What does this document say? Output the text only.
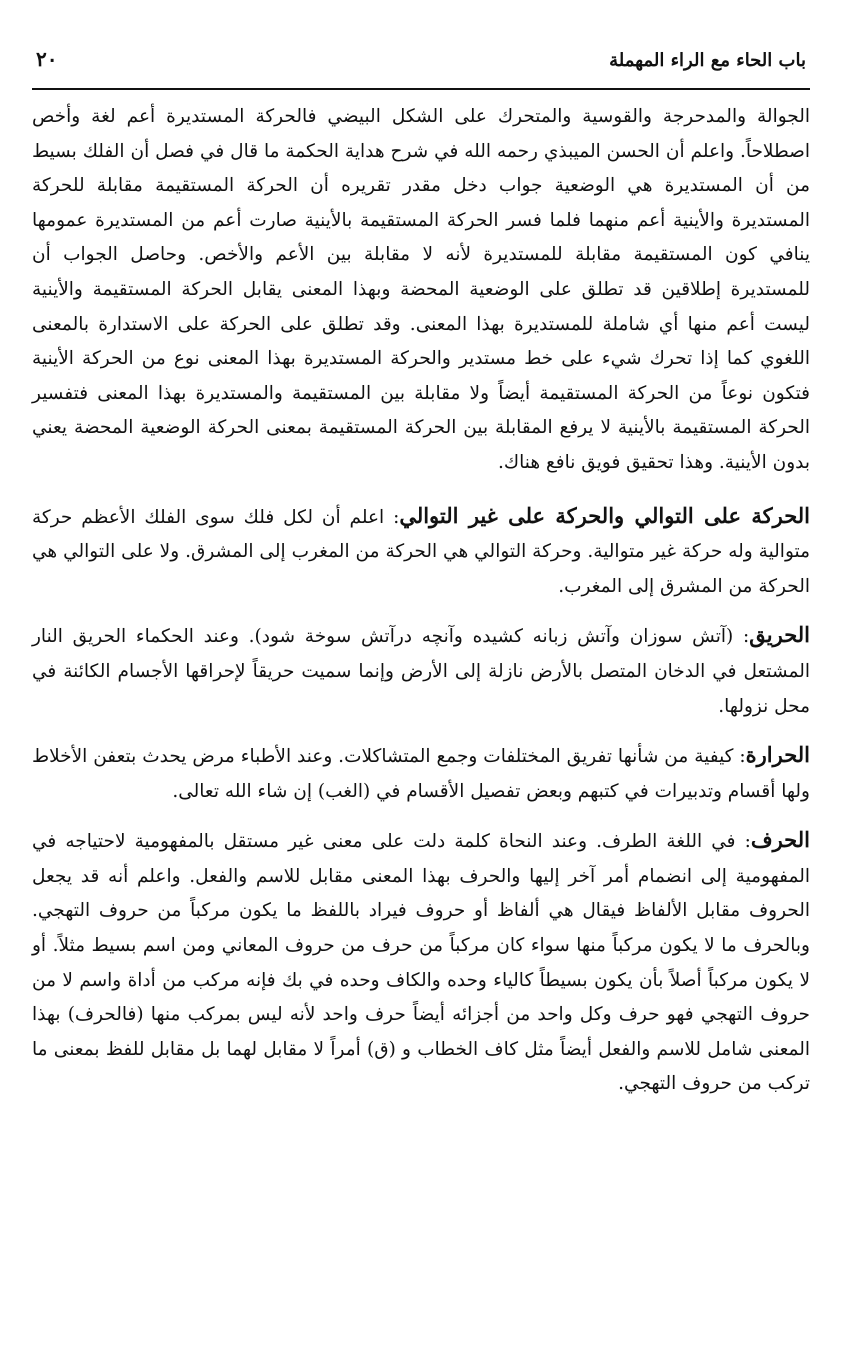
باب الحاء مع الراء المهملة
٢٠

الجوالة والمدحرجة والقوسية والمتحرك على الشكل البيضي فالحركة المستديرة أعم لغة وأخص اصطلاحاً. واعلم أن الحسن الميبذي رحمه الله في شرح هداية الحكمة ما قال في فصل أن الفلك بسيط من أن المستديرة هي الوضعية جواب دخل مقدر تقريره أن الحركة المستقيمة مقابلة للحركة المستديرة والأينية أعم منهما فلما فسر الحركة المستقيمة بالأينية صارت أعم من المستديرة عمومها ينافي كون المستقيمة مقابلة للمستديرة لأنه لا مقابلة بين الأعم والأخص. وحاصل الجواب أن للمستديرة إطلاقين قد تطلق على الوضعية المحضة وبهذا المعنى يقابل الحركة المستقيمة والأينية ليست أعم منها أي شاملة للمستديرة بهذا المعنى. وقد تطلق على الحركة على الاستدارة بالمعنى اللغوي كما إذا تحرك شيء على خط مستدير والحركة المستديرة بهذا المعنى نوع من الحركة الأينية فتكون نوعاً من الحركة المستقيمة أيضاً ولا مقابلة بين المستقيمة والمستديرة بهذا المعنى فتفسير الحركة المستقيمة بالأينية لا يرفع المقابلة بين الحركة المستقيمة بمعنى الحركة الوضعية المحضة يعني بدون الأينية. وهذا تحقيق فويق نافع هناك.

الحركة على التوالي والحركة على غير التوالي: اعلم أن لكل فلك سوى الفلك الأعظم حركة متوالية وله حركة غير متوالية. وحركة التوالي هي الحركة من المغرب إلى المشرق. ولا على التوالي هي الحركة من المشرق إلى المغرب.

الحريق: (آتش سوزان وآتش زبانه كشيده وآنچه درآتش سوخة شود). وعند الحكماء الحريق النار المشتعل في الدخان المتصل بالأرض نازلة إلى الأرض وإنما سميت حريقاً لإحراقها الأجسام الكائنة في محل نزولها.

الحرارة: كيفية من شأنها تفريق المختلفات وجمع المتشاكلات. وعند الأطباء مرض يحدث بتعفن الأخلاط ولها أقسام وتدبيرات في كتبهم وبعض تفصيل الأقسام في (الغب) إن شاء الله تعالى.

الحرف: في اللغة الطرف. وعند النحاة كلمة دلت على معنى غير مستقل بالمفهومية لاحتياجه في المفهومية إلى انضمام أمر آخر إليها والحرف بهذا المعنى مقابل للاسم والفعل. واعلم أنه قد يجعل الحروف مقابل الألفاظ فيقال هي ألفاظ أو حروف فيراد باللفظ ما يكون مركباً من حروف التهجي. وبالحرف ما لا يكون مركباً منها سواء كان مركباً من حرف من حروف المعاني ومن اسم بسيط مثلاً. أو لا يكون مركباً أصلاً بأن يكون بسيطاً كالياء وحده والكاف وحده في بك فإنه مركب من أداة واسم لا من حروف التهجي فهو حرف وكل واحد من أجزائه أيضاً حرف واحد لأنه ليس بمركب منها (فالحرف) بهذا المعنى شامل للاسم والفعل أيضاً مثل كاف الخطاب و (ق) أمراً لا مقابل لهما بل مقابل للفظ بمعنى ما تركب من حروف التهجي.
